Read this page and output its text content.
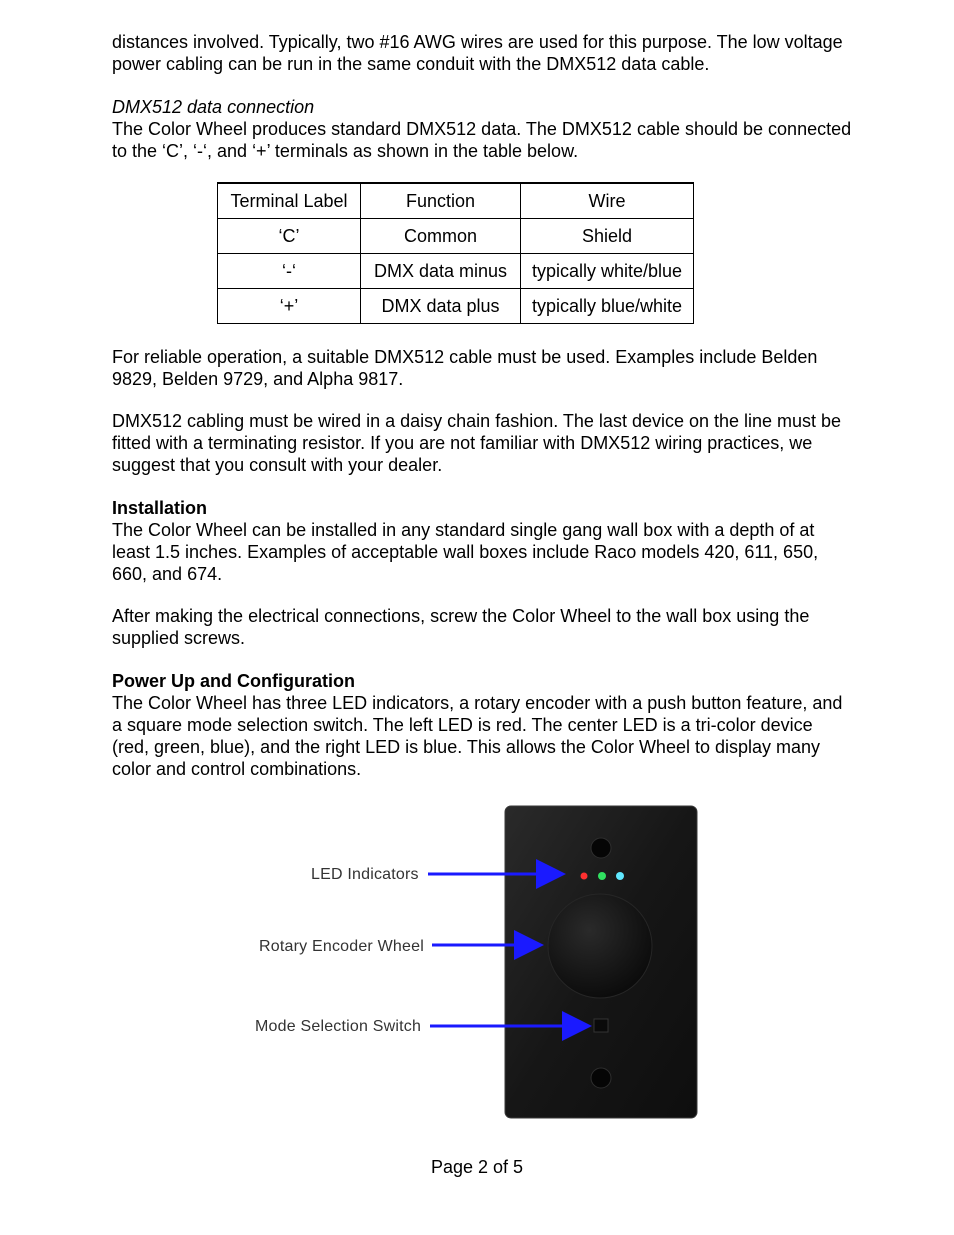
distances involved. Typically, two #16 AWG wires are used for this purpose. The low voltage power cabling can be run in the same conduit with the DMX512 data cable.

DMX512 data connection

The Color Wheel produces standard DMX512 data. The DMX512 cable should be connected to the ‘C’, ‘-‘, and ‘+’ terminals as shown in the table below.

Terminal Label	Function	Wire
‘C’	Common	Shield
‘-‘	DMX data minus	typically white/blue
‘+’	DMX data plus	typically blue/white

For reliable operation, a suitable DMX512 cable must be used. Examples include Belden 9829, Belden 9729, and Alpha 9817.

DMX512 cabling must be wired in a daisy chain fashion. The last device on the line must be fitted with a terminating resistor. If you are not familiar with DMX512 wiring practices, we suggest that you consult with your dealer.

Installation

The Color Wheel can be installed in any standard single gang wall box with a depth of at least 1.5 inches. Examples of acceptable wall boxes include Raco models 420, 611, 650, 660, and 674.

After making the electrical connections, screw the Color Wheel to the wall box using the supplied screws.

Power Up and Configuration

The Color Wheel has three LED indicators, a rotary encoder with a push button feature, and a square mode selection switch. The left LED is red. The center LED is a tri-color device (red, green, blue), and the right LED is blue. This allows the Color Wheel to display many color and control combinations.

LED Indicators
Rotary Encoder Wheel
Mode Selection Switch
Page 2 of 5
